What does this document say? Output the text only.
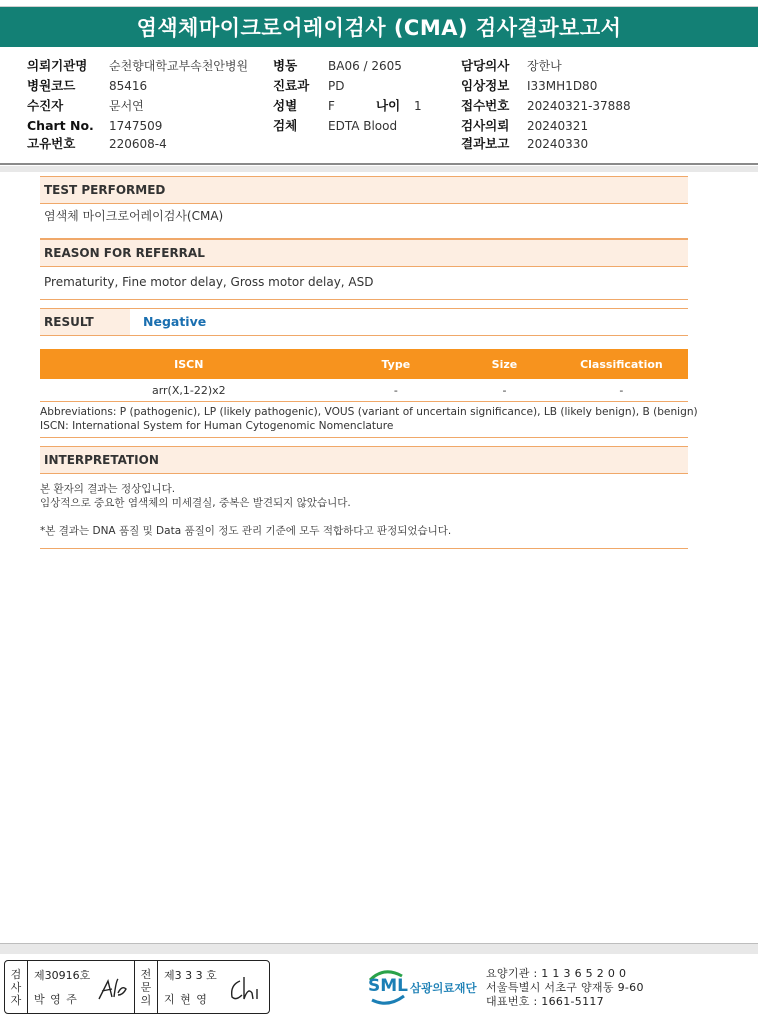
염색체마이크로어레이검사 (CMA) 검사결과보고서
의뢰기관명 순천향대학교부속천안병원
병원코드	85416
수진자	문서연
Chart No. 1747509
고유번호	220608-4
병동	BA06 / 2605
진료과 PD
성별	F	나이 1
검체	EDTA Blood
담당의사 장한나
임상정보 I33MH1D80
접수번호 20240321-37888
검사의뢰 20240321
결과보고 20240330
TEST PERFORMED
염색체 마이크로어레이검사(CMA)
REASON FOR REFERRAL
Prematurity, Fine motor delay, Gross motor delay, ASD
RESULT	Negative
ISCN	Type	Size	Classification
arr(X,1-22)x2	-	-	-
Abbreviations: P (pathogenic), LP (likely pathogenic), VOUS (variant of uncertain significance), LB (likely benign), B (benign)
ISCN: International System for Human Cytogenomic Nomenclature
INTERPRETATION
본 환자의 결과는 정상입니다.
임상적으로 중요한 염색체의 미세결실, 중복은 발견되지 않았습니다.
*본 결과는 DNA 품질 및 Data 품질이 정도 관리 기준에 모두 적합하다고 판정되었습니다.
검
사
자
제30916호
박 영 주
전
문
의
제3 3 3 호
지 현 영
SML 삼광의료재단
요양기관 : 1 1 3 6 5 2 0 0
서울특별시 서초구 양재동 9-60
대표번호 : 1661-5117
